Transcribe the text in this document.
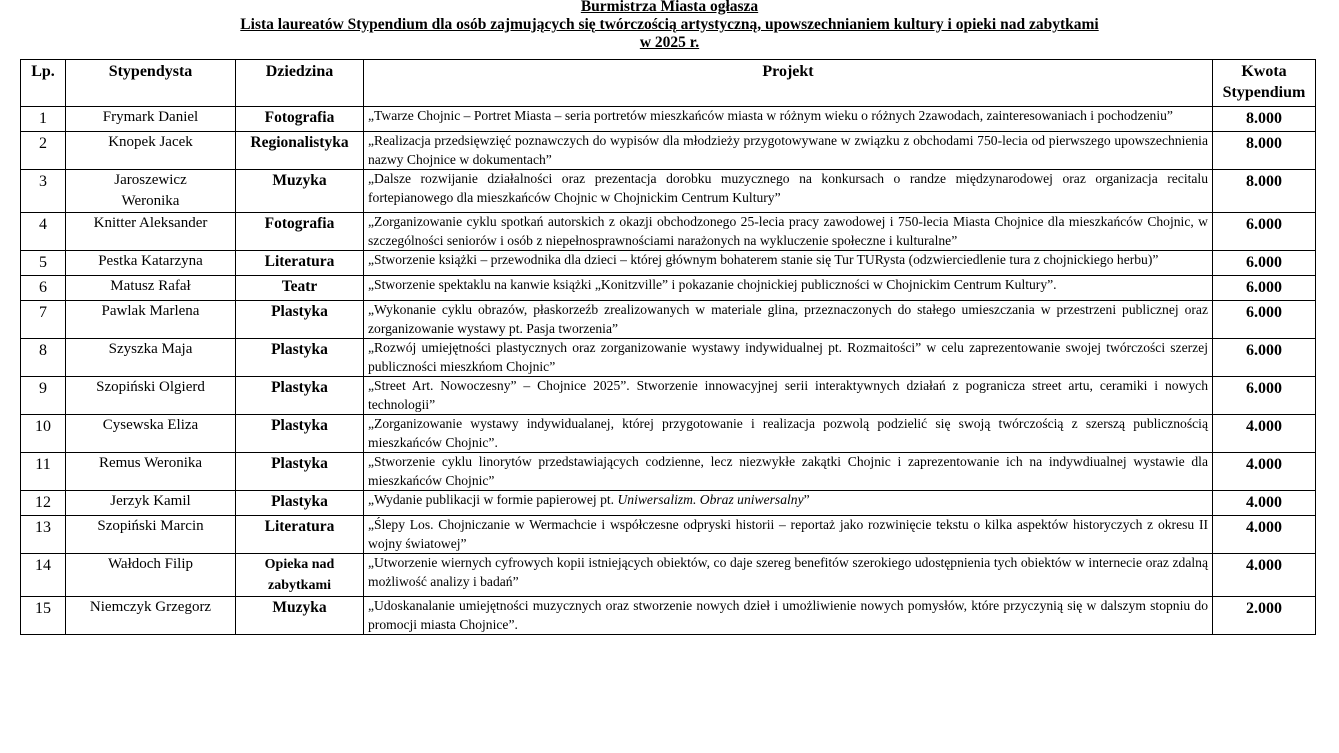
Burmistrza Miasta ogłasza
Lista laureatów Stypendium dla osób zajmujących się twórczością artystyczną, upowszechnianiem kultury i opieki nad zabytkami
w 2025 r.
Lp.	Stypendysta	Dziedzina	Projekt	Kwota
Stypendium

1	Frymark Daniel	Fotografia	„Twarze Chojnic – Portret Miasta – seria portretów mieszkańców miasta w różnym wieku o różnych 2zawodach, zainteresowaniach i pochodzeniu”	8.000
2	Knopek Jacek	Regionalistyka	„Realizacja przedsięwzięć poznawczych do wypisów dla młodzieży przygotowywane w związku z obchodami 750-lecia od pierwszego upowszechnienia nazwy Chojnice w dokumentach”	8.000
3	Jaroszewicz
Weronika	Muzyka	„Dalsze rozwijanie działalności oraz prezentacja dorobku muzycznego na konkursach o randze międzynarodowej oraz organizacja recitalu fortepianowego dla mieszkańców Chojnic w Chojnickim Centrum Kultury”	8.000
4	Knitter Aleksander	Fotografia	„Zorganizowanie cyklu spotkań autorskich z okazji obchodzonego 25-lecia pracy zawodowej i 750-lecia Miasta Chojnice dla mieszkańców Chojnic, w szczególności seniorów i osób z niepełnosprawnościami narażonych na wykluczenie społeczne i kulturalne”	6.000
5	Pestka Katarzyna	Literatura	„Stworzenie książki – przewodnika dla dzieci – której głównym bohaterem stanie się Tur TURysta (odzwierciedlenie tura z chojnickiego herbu)”	6.000
6	Matusz Rafał	Teatr	„Stworzenie spektaklu na kanwie książki „Konitzville” i pokazanie chojnickiej publiczności w Chojnickim Centrum Kultury”.	6.000
7	Pawlak Marlena	Plastyka	„Wykonanie cyklu obrazów, płaskorzeźb zrealizowanych w materiale glina, przeznaczonych do stałego umieszczania w przestrzeni publicznej oraz zorganizowanie wystawy pt. Pasja tworzenia”	6.000
8	Szyszka Maja	Plastyka	„Rozwój umiejętności plastycznych oraz zorganizowanie wystawy indywidualnej pt. Rozmaitości” w celu zaprezentowanie swojej twórczości szerzej publiczności mieszkńom Chojnic”	6.000
9	Szopiński Olgierd	Plastyka	„Street Art. Nowoczesny” – Chojnice 2025”. Stworzenie innowacyjnej serii interaktywnych działań z pogranicza street artu, ceramiki i nowych technologii”	6.000
10	Cysewska Eliza	Plastyka	„Zorganizowanie wystawy indywidualanej, której przygotowanie i realizacja pozwolą podzielić się swoją twórczością z szerszą publicznością mieszkańców Chojnic”.	4.000
11	Remus Weronika	Plastyka	„Stworzenie cyklu linorytów przedstawiających codzienne, lecz niezwykłe zakątki Chojnic i zaprezentowanie ich na indywdiualnej wystawie dla mieszkańców Chojnic”	4.000
12	Jerzyk Kamil	Plastyka	„Wydanie publikacji w formie papierowej pt. Uniwersalizm. Obraz uniwersalny”	4.000
13	Szopiński Marcin	Literatura	„Ślepy Los. Chojniczanie w Wermachcie i współczesne odpryski historii – reportaż jako rozwinięcie tekstu o kilka aspektów historyczych z okresu II wojny światowej”	4.000
14	Wałdoch Filip	Opieka nad
zabytkami	„Utworzenie wiernych cyfrowych kopii istniejących obiektów, co daje szereg benefitów szerokiego udostępnienia tych obiektów w internecie oraz zdalną możliwość analizy i badań”	4.000
15	Niemczyk Grzegorz	Muzyka	„Udoskanalanie umiejętności muzycznych oraz stworzenie nowych dzieł i umożliwienie nowych pomysłów, które przyczynią się w dalszym stopniu do promocji miasta Chojnice”.	2.000
